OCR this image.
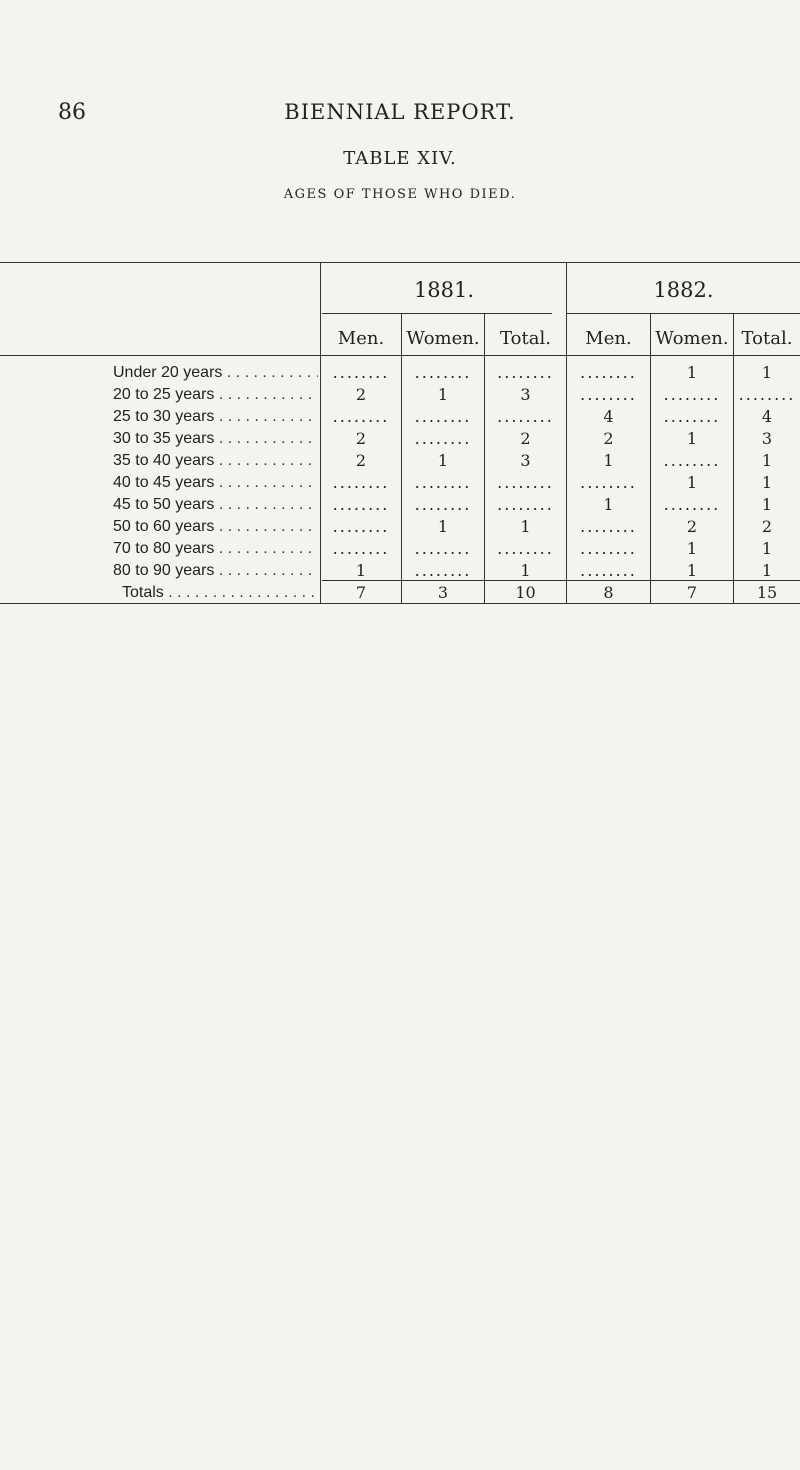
86	BIENNIAL REPORT.
TABLE XIV.
AGES OF THOSE WHO DIED.
1881.	1882.
Men.	Women.	Total.	Men.	Women. Total.
Under 20 years . . .	........	........	........	........	1	1
20 to 25 years . . .	2	1	3	........	........	........
25 to 30 years . . .	........	........	........	4	........	4
30 to 35 years . . .	2	........	2	2	1	3
35 to 40 years . . .	2	1	3	1	........	1
40 to 45 years . . .	........	........	........	........	1	1
45 to 50 years . . .	........	........	........	1	........	1
50 to 60 years . . .	........	1	1	........	2	2
70 to 80 years . . .	........	........	........	........	1	1
80 to 90 years . . .	1	........	1	........	1	1
Totals . . .	7	3	10	8	7	15
